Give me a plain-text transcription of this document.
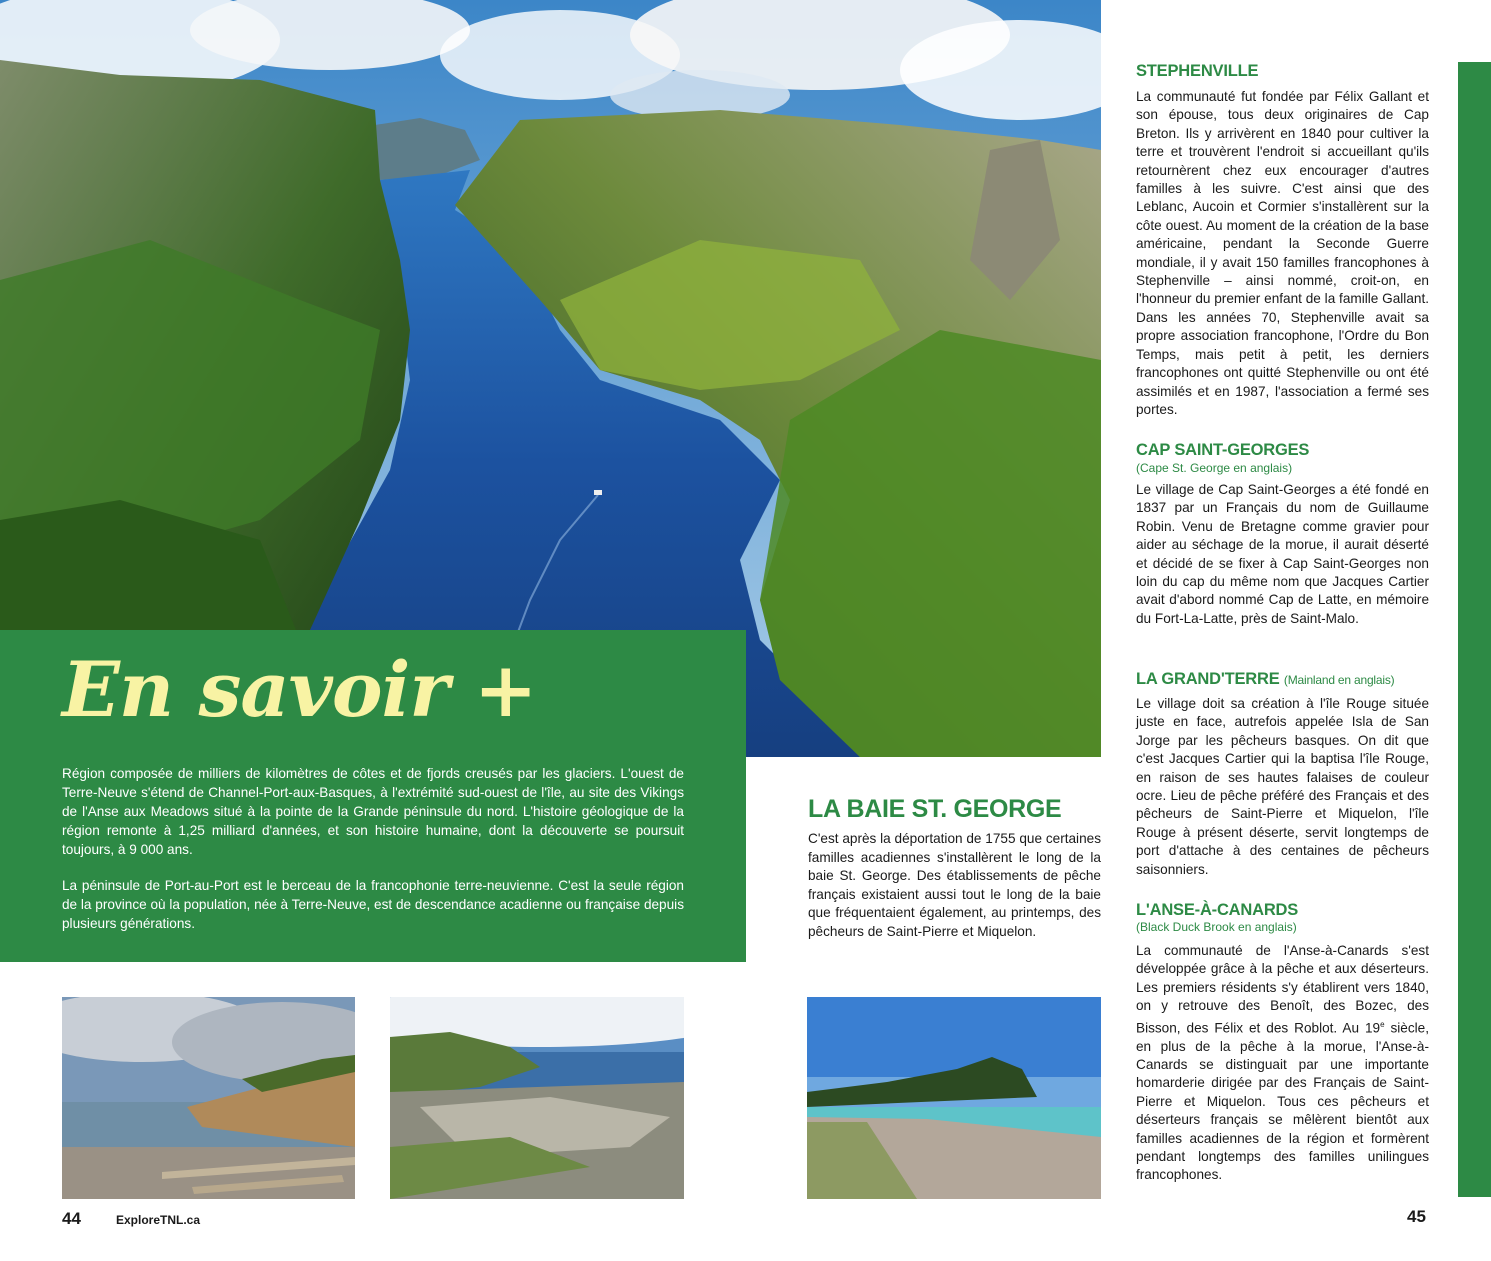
En savoir +

Région composée de milliers de kilomètres de côtes et de fjords creusés par les glaciers. L'ouest de Terre-Neuve s'étend de Channel-Port-aux-Basques, à l'extrémité sud-ouest de l'île, au site des Vikings de l'Anse aux Meadows situé à la pointe de la Grande péninsule du nord. L'histoire géologique de la région remonte à 1,25 milliard d'années, et son histoire humaine, dont la découverte se poursuit toujours, à 9 000 ans.

La péninsule de Port-au-Port est le berceau de la francophonie terre-neuvienne. C'est la seule région de la province où la population, née à Terre-Neuve, est de descendance acadienne ou française depuis plusieurs générations.

LA BAIE ST. GEORGE

C'est après la déportation de 1755 que certaines familles acadiennes s'installèrent le long de la baie St. George. Des établissements de pêche français existaient aussi tout le long de la baie que fréquentaient également, au printemps, des pêcheurs de Saint-Pierre et Miquelon.

STEPHENVILLE

La communauté fut fondée par Félix Gallant et son épouse, tous deux originaires de Cap Breton. Ils y arrivèrent en 1840 pour cultiver la terre et trouvèrent l'endroit si accueillant qu'ils retournèrent chez eux encourager d'autres familles à les suivre. C'est ainsi que des Leblanc, Aucoin et Cormier s'installèrent sur la côte ouest. Au moment de la création de la base américaine, pendant la Seconde Guerre mondiale, il y avait 150 familles francophones à Stephenville – ainsi nommé, croit-on, en l'honneur du premier enfant de la famille Gallant. Dans les années 70, Stephenville avait sa propre association francophone, l'Ordre du Bon Temps, mais petit à petit, les derniers francophones ont quitté Stephenville ou ont été assimilés et en 1987, l'association a fermé ses portes.

CAP SAINT-GEORGES

(Cape St. George en anglais)

Le village de Cap Saint-Georges a été fondé en 1837 par un Français du nom de Guillaume Robin. Venu de Bretagne comme gravier pour aider au séchage de la morue, il aurait déserté et décidé de se fixer à Cap Saint-Georges non loin du cap du même nom que Jacques Cartier avait d'abord nommé Cap de Latte, en mémoire du Fort-La-Latte, près de Saint-Malo.

LA GRAND'TERRE (Mainland en anglais)

Le village doit sa création à l'île Rouge située juste en face, autrefois appelée Isla de San Jorge par les pêcheurs basques. On dit que c'est Jacques Cartier qui la baptisa l'île Rouge, en raison de ses hautes falaises de couleur ocre. Lieu de pêche préféré des Français et des pêcheurs de Saint-Pierre et Miquelon, l'île Rouge à présent déserte, servit longtemps de port d'attache à des centaines de pêcheurs saisonniers.

L'ANSE-À-CANARDS

(Black Duck Brook en anglais)

La communauté de l'Anse-à-Canards s'est développée grâce à la pêche et aux déserteurs. Les premiers résidents s'y établirent vers 1840, on y retrouve des Benoît, des Bozec, des Bisson, des Félix et des Roblot. Au 19e siècle, en plus de la pêche à la morue, l'Anse-à-Canards se distinguait par une importante homarderie dirigée par des Français de Saint-Pierre et Miquelon. Tous ces pêcheurs et déserteurs français se mêlèrent bientôt aux familles acadiennes de la région et formèrent pendant longtemps des familles unilingues francophones.

44	ExploreTNL.ca	45
